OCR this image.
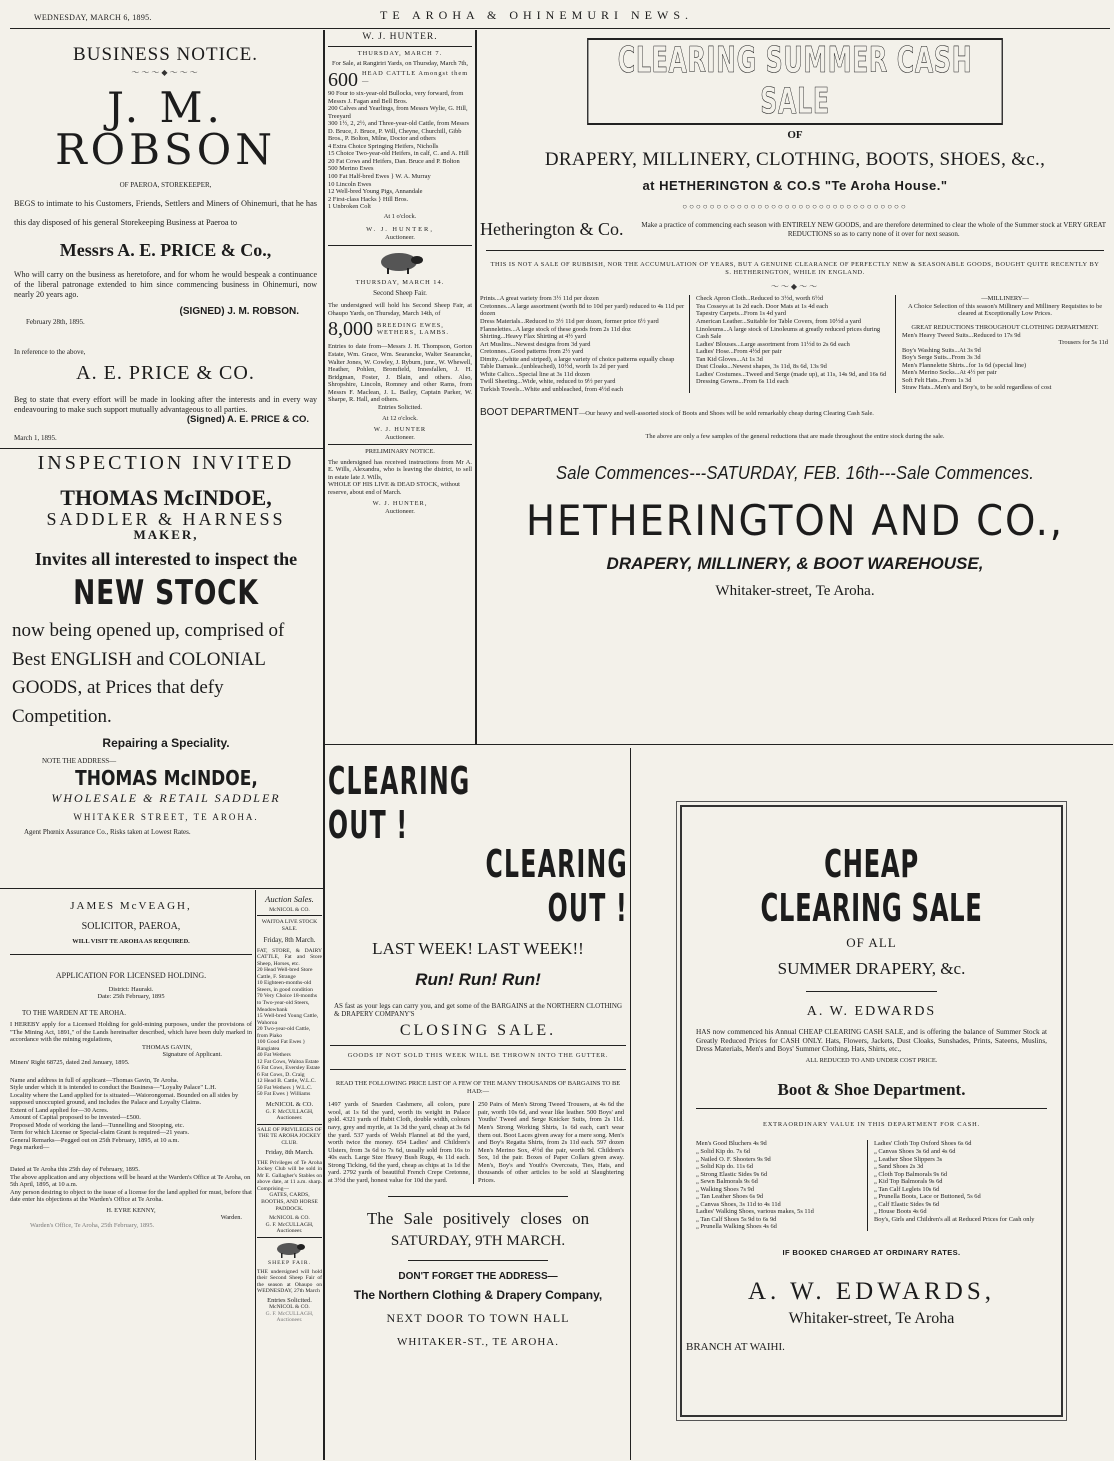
WEDNESDAY, MARCH 6, 1895.	TE AROHA & OHINEMURI NEWS.
BUSINESS NOTICE.
～～～◆～～～
J. M. ROBSON
OF PAEROA, STOREKEEPER,
BEGS to intimate to his Customers, Friends, Settlers and Miners of Ohinemuri, that he has this day disposed of his general Storekeeping Business at Paeroa to
Messrs A. E. PRICE & Co.,
Who will carry on the business as heretofore, and for whom he would bespeak a continuance of the liberal patronage extended to him since commencing business in Ohinemuri, now nearly 20 years ago.
(SIGNED) J. M. ROBSON.
February 28th, 1895.
In reference to the above,
A. E. PRICE & CO.
Beg to state that every effort will be made in looking after the interests and in every way endeavouring to make such support mutually advantageous to all parties.
(Signed) A. E. PRICE & CO.
March 1, 1895.
INSPECTION INVITED
THOMAS McINDOE,
SADDLER & HARNESS
MAKER,
Invites all interested to inspect the
NEW STOCK
now being opened up, comprised of Best ENGLISH and COLONIAL GOODS, at Prices that defy Competition.
Repairing a Speciality.
NOTE THE ADDRESS—
THOMAS McINDOE,
WHOLESALE & RETAIL SADDLER
WHITAKER STREET, TE AROHA.
Agent Phœnix Assurance Co., Risks taken at Lowest Rates.
JAMES McVEAGH,
SOLICITOR, PAEROA,
WILL VISIT TE AROHA AS REQUIRED.
APPLICATION FOR LICENSED HOLDING.
District: Hauraki.
Date: 25th February, 1895
TO THE WARDEN AT TE AROHA.
I HEREBY apply for a Licensed Holding for gold-mining purposes, under the provisions of "The Mining Act, 1891," of the Lands hereinafter described, which have been duly marked in accordance with the mining regulations,
THOMAS GAVIN,
Signature of Applicant.
Miners' Right 68725, dated 2nd January, 1895.
Name and address in full of applicant—Thomas Gavin, Te Aroha.
Style under which it is intended to conduct the Business—"Loyalty Palace" L.H.
Locality where the Land applied for is situated—Waiorongomai. Bounded on all sides by supposed unoccupied ground, and includes the Palace and Loyalty Claims.
Extent of Land applied for—30 Acres.
Amount of Capital proposed to be invested—£500.
Proposed Mode of working the land—Tunnelling and Stooping, etc.
Term for which License or Special-claim Grant is required—21 years.
General Remarks—Pegged out on 25th February, 1895, at 10 a.m.
Pegs marked—
Dated at Te Aroha this 25th day of February, 1895.
The above application and any objections will be heard at the Warden's Office at Te Aroha, on 5th April, 1895, at 10 a.m.
Any person desiring to object to the issue of a license for the land applied for must, before that date enter his objections at the Warden's Office at Te Aroha.
H. EYRE KENNY,
Warden.
Warden's Office, Te Aroha, 25th February, 1895.
W. J. HUNTER.
THURSDAY, MARCH 7.
For Sale, at Rangiriri Yards, on Thursday, March 7th,
600 HEAD CATTLE Amongst them—
90 Four to six-year-old Bullocks, very forward, from Messrs J. Fagan and Bell Bros.
200 Calves and Yearlings, from Messrs Wylie, G. Hill, Treeyard
300 1½, 2, 2½, and Three-year-old Cattle, from Messrs D. Bruce, J. Bruce, P. Will, Cheyne, Churchill, Gibb Bros., P. Bolton, Milne, Doctor and others
4 Extra Choice Springing Heifers, Nicholls
15 Choice Two-year-old Heifers, in calf, C. and A. Hill
20 Fat Cows and Heifers, Dan. Bruce and P. Bolton
500 Merino Ewes
100 Fat Half-bred Ewes } W. A. Murray
10 Lincoln Ewes
12 Well-bred Young Pigs, Annandale
2 First-class Hacks } Hill Bros.
1 Unbroken Colt
At 1 o'clock.
W. J. HUNTER,
Auctioneer.
THURSDAY, MARCH 14.
Second Sheep Fair.
The undersigned will hold his Second Sheep Fair, at Ohaupo Yards, on Thursday, March 14th, of
8,000 BREEDING EWES, WETHERS, LAMBS.
Entries to date from—Messrs J. H. Thompson, Gorton Estate, Wm. Grace, Wm. Searancke, Walter Searancke, Walter Jones, W. Cowley, J. Ryburn, junr., W. Whewell, Heather, Pohlen, Bromfield, Innesfallen, J. H. Bridgman, Foster, J. Blain, and others. Also, Shropshire, Lincoln, Romney and other Rams, from Messrs F. Maclean, J. L. Bailey, Captain Parker, W. Sharpe, R. Hall, and others.
Entries Solicited.
At 12 o'clock.
W. J. HUNTER
Auctioneer.
PRELIMINARY NOTICE.
The undersigned has received instructions from Mr A. E. Wills, Alexandra, who is leaving the district, to sell in estate late J. Wills,
WHOLE OF HIS LIVE & DEAD STOCK, without reserve, about end of March.
W. J. HUNTER,
Auctioneer.
CLEARING SUMMER CASH SALE
OF
DRAPERY, MILLINERY, CLOTHING, BOOTS, SHOES, &c.,
at HETHERINGTON & CO.S "Te Aroha House."
○○○○○○○○○○○○○○○○○○○○○○○○○○○○○○○○○
Hetherington & Co.	Make a practice of commencing each season with ENTIRELY NEW GOODS, and are therefore determined to clear the whole of the Summer stock at VERY GREAT REDUCTIONS so as to carry none of it over for next season.
THIS IS NOT A SALE OF RUBBISH, NOR THE ACCUMULATION OF YEARS, BUT A GENUINE CLEARANCE OF PERFECTLY NEW & SEASONABLE GOODS, BOUGHT QUITE RECENTLY BY S. HETHERINGTON, WHILE IN ENGLAND.
～～◆～～
Prints...A great variety from 3½ 11d per dozen
Cretonnes...A large assortment (worth 8d to 10d per yard) reduced to 4s 11d per dozen
Dress Materials...Reduced to 3½ 11d per dozen, former price 6½ yard
Flannelettes...A large stock of these goods from 2s 11d doz
Shirting...Heavy Flax Shirting at 4½ yard
Art Muslins...Newest designs from 3d yard
Cretonnes...Good patterns from 2½ yard
Dimity...(white and striped), a large variety of choice patterns equally cheap
Table Damask...(unbleached), 10½d, worth 1s 2d per yard
White Calico...Special line at 3s 11d dozen
Twill Sheeting...Wide, white, reduced to 9½ per yard
Turkish Towels...White and unbleached, from 4½d each
Check Apron Cloth...Reduced to 3½d, worth 6½d
Tea Cosseys at 1s 2d each. Door Mats at 1s 4d each
Tapestry Carpets...From 1s 4d yard
American Leather...Suitable for Table Covers, from 10½d a yard
Linoleums...A large stock of Linoleums at greatly reduced prices during Cash Sale
Ladies' Blouses...Large assortment from 11½d to 2s 6d each
Ladies' Hose...From 4½d per pair
Tan Kid Gloves...At 1s 3d
Dust Cloaks...Newest shapes, 3s 11d, 8s 6d, 13s 9d
Ladies' Costumes...Tweed and Serge (made up), at 11s, 14s 9d, and 16s 6d
Dressing Gowns...From 6s 11d each
—MILLINERY—
A Choice Selection of this season's Millinery and Millinery Requisites to be cleared at Exceptionally Low Prices.
GREAT REDUCTIONS THROUGHOUT CLOTHING DEPARTMENT.
Men's Heavy Tweed Suits...Reduced to 17s 9d
Trousers for 5s 11d
Boy's Washing Suits...At 3s 9d
Boy's Serge Suits...From 3s 3d
Men's Flannelette Shirts...for 1s 6d (special line)
Men's Merino Socks...At 4½ per pair
Soft Felt Hats...From 1s 3d
Straw Hats...Men's and Boy's, to be sold regardless of cost
BOOT DEPARTMENT —Our heavy and well-assorted stock of Boots and Shoes will be sold remarkably cheap during Clearing Cash Sale.
The above are only a few samples of the general reductions that are made throughout the entire stock during the sale.
Sale Commences---SATURDAY, FEB. 16th---Sale Commences.
HETHERINGTON AND CO.,
DRAPERY, MILLINERY, & BOOT WAREHOUSE,
Whitaker-street, Te Aroha.
CLEARING OUT !
CLEARING OUT !
LAST WEEK! LAST WEEK!!
Run! Run! Run!
AS fast as your legs can carry you, and get some of the BARGAINS at the NORTHERN CLOTHING & DRAPERY COMPANY'S
CLOSING SALE.
GOODS IF NOT SOLD THIS WEEK WILL BE THROWN INTO THE GUTTER.
READ THE FOLLOWING PRICE LIST OF A FEW OF THE MANY THOUSANDS OF BARGAINS TO BE HAD:—
1497 yards of Snarden Cashmere, all colors, pure wool, at 1s 6d the yard, worth its weight in Palace gold. 4321 yards of Habit Cloth, double width, colours navy, grey and myrtle, at 1s 3d the yard, cheap at 3s 6d the yard. 537 yards of Welsh Flannel at 8d the yard, worth twice the money. 654 Ladies' and Children's Ulsters, from 3s 6d to 7s 6d, usually sold from 16s to 40s each. Large Size Heavy Bush Rugs, 4s 11d each. Strong Ticking, 6d the yard, cheap as chips at 1s 1d the yard. 2792 yards of beautiful French Crepe Cretonne, at 3½d the yard, honest value for 10d the yard.
250 Pairs of Men's Strong Tweed Trousers, at 4s 6d the pair, worth 10s 6d, and wear like leather. 500 Boys' and Youths' Tweed and Serge Knicker Suits, from 2s 11d. Men's Strong Working Shirts, 1s 6d each, can't wear them out. Boot Laces given away for a mere song. Men's and Boy's Regatta Shirts, from 2s 11d each. 597 dozen Men's Merino Sox, 4½d the pair, worth 9d. Children's Sox, 1d the pair. Boxes of Paper Collars given away. Men's, Boy's and Youth's Overcoats, Ties, Hats, and thousands of other articles to be sold at Slaughtering Prices.
The Sale positively closes on
SATURDAY, 9TH MARCH.
DON'T FORGET THE ADDRESS—
The Northern Clothing & Drapery Company,
NEXT DOOR TO TOWN HALL
WHITAKER-ST., TE AROHA.
CHEAP CLEARING SALE
OF ALL
SUMMER DRAPERY, &c.
A. W. EDWARDS
HAS now commenced his Annual CHEAP CLEARING CASH SALE, and is offering the balance of Summer Stock at Greatly Reduced Prices for CASH ONLY. Hats, Flowers, Jackets, Dust Cloaks, Sunshades, Prints, Sateens, Muslins, Dress Materials, Men's and Boys' Summer Clothing, Hats, Shirts, etc.,
ALL REDUCED TO AND UNDER COST PRICE.
Boot & Shoe Department.
EXTRAORDINARY VALUE IN THIS DEPARTMENT FOR CASH.
Men's Good Bluchers 4s 9d
„ Solid Kip do. 7s 6d
„ Nailed O. F. Shooters 9s 9d
„ Solid Kip do. 11s 6d
„ Strong Elastic Sides 9s 6d
„ Sewn Balmorals 9s 6d
„ Walking Shoes 7s 9d
„ Tan Leather Shoes 6s 9d
„ Canvas Shoes, 3s 11d to 4s 11d
Ladies' Walking Shoes, various makes, 5s 11d
„ Tan Calf Shoes 5s 9d to 6s 9d
„ Prunella Walking Shoes 4s 6d
Ladies' Cloth Top Oxford Shoes 6s 6d
„ Canvas Shoes 3s 6d and 4s 6d
„ Leather Shoe Slippers 3s
„ Sand Shoes 2s 3d
„ Cloth Top Balmorals 9s 6d
„ Kid Top Balmorals 9s 6d
„ Tan Calf Leglets 10s 6d
„ Prunella Boots, Lace or Buttoned, 5s 6d
„ Calf Elastic Sides 9s 6d
„ House Boots 4s 6d
Boy's, Girls and Children's all at Reduced Prices for Cash only
IF BOOKED CHARGED AT ORDINARY RATES.
A. W. EDWARDS,
Whitaker-street, Te Aroha
BRANCH AT WAIHI.
Auction Sales.
McNICOL & CO.
WAITOA LIVE STOCK SALE.
Friday, 8th March.
FAT, STORE, & DAIRY CATTLE, Fat and Store Sheep, Horses, etc.
20 Head Well-bred Store Cattle, F. Strange
10 Eighteen-months-old Steers, in good condition
70 Very Choice 18-months to Two-year-old Steers, Meadowbank
15 Well-bred Young Cattle, Wahoroa
20 Two-year-old Cattle, from Piako
100 Good Fat Ewes } Rangiatea
40 Fat Wethers
12 Fat Cows, Waitoa Estate
6 Fat Cows, Eversley Estate
6 Fat Cows, D. Craig
12 Head B. Cattle, W.L.C.
50 Fat Wethers } W.L.C.
50 Fat Ewes } Williams
McNICOL & CO.
G. F. McCULLAGH, Auctioneer.
SALE OF PRIVILEGES OF THE TE AROHA JOCKEY CLUB.
Friday, 8th March.
THE Privileges of Te Aroha Jockey Club will be sold in Mr E. Gallagher's Stables on above date, at 11 a.m. sharp. Comprising—
GATES, CARDS, BOOTHS, AND HORSE PADDOCK.
McNICOL & CO.
G. F. McCULLAGH, Auctioneer.
SHEEP FAIR.
THE undersigned will hold their Second Sheep Fair of the season at Ohaupo on WEDNESDAY, 27th March
Entries Solicited.
McNICOL & CO.
G. F. McCULLAGH, Auctioneer.
